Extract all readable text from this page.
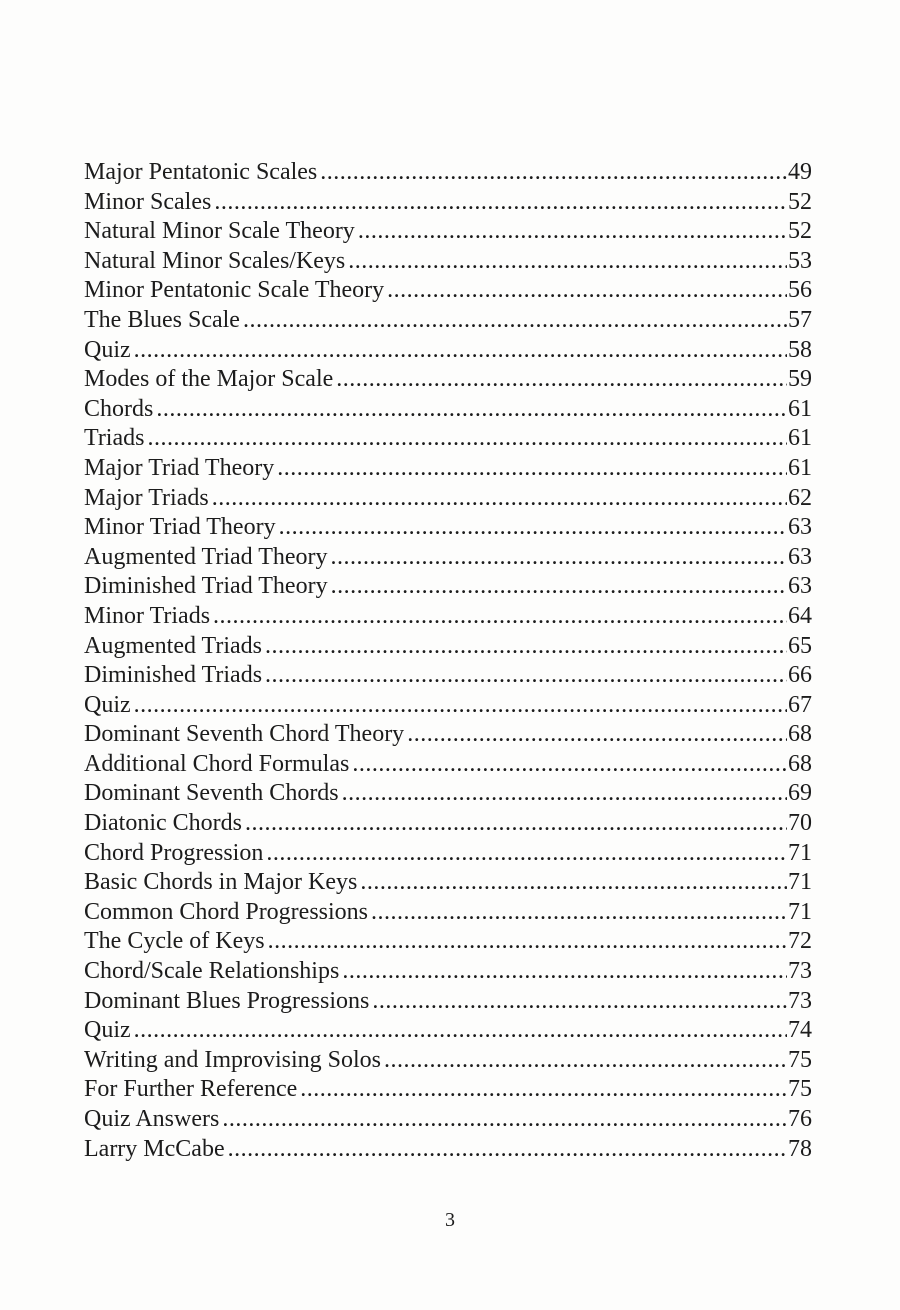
Major Pentatonic Scales .....	49
Minor Scales .....	52
Natural Minor Scale Theory .....	52
Natural Minor Scales/Keys .....	53
Minor Pentatonic Scale Theory .....	56
The Blues Scale .....	57
Quiz .....	58
Modes of the Major Scale .....	59
Chords .....	61
Triads .....	61
Major Triad Theory .....	61
Major Triads .....	62
Minor Triad Theory .....	63
Augmented Triad Theory .....	63
Diminished Triad Theory .....	63
Minor Triads .....	64
Augmented Triads .....	65
Diminished Triads .....	66
Quiz .....	67
Dominant Seventh Chord Theory .....	68
Additional Chord Formulas .....	68
Dominant Seventh Chords .....	69
Diatonic Chords .....	70
Chord Progression .....	71
Basic Chords in Major Keys .....	71
Common Chord Progressions .....	71
The Cycle of Keys .....	72
Chord/Scale Relationships .....	73
Dominant Blues Progressions .....	73
Quiz .....	74
Writing and Improvising Solos .....	75
For Further Reference .....	75
Quiz Answers .....	76
Larry McCabe .....	78
3
